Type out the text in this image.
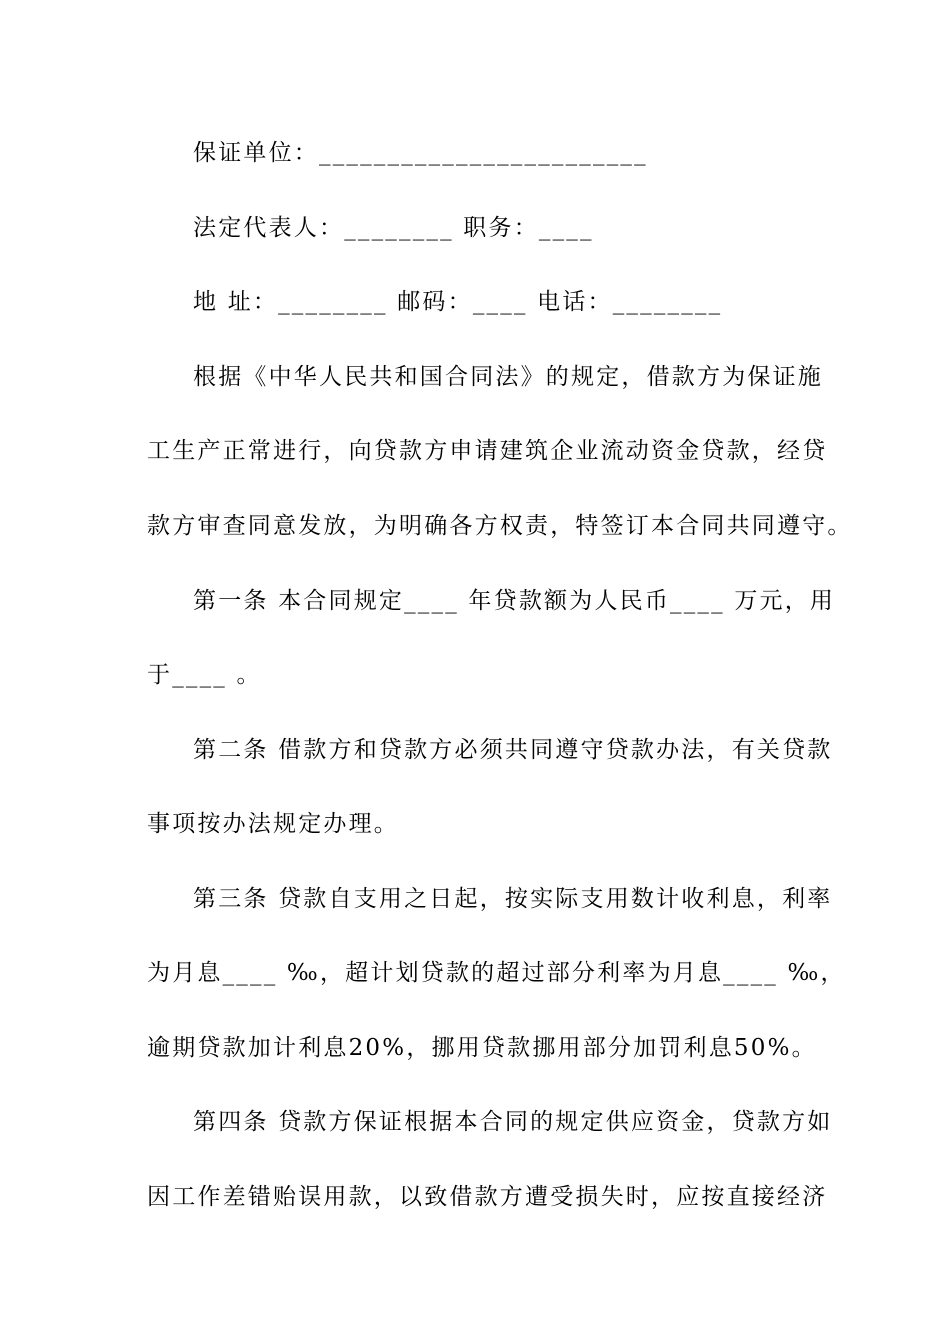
保证单位：________________________
法定代表人：________ 职务：____
地 址：________ 邮码：____ 电话：________
根据《中华人民共和国合同法》的规定，借款方为保证施
工生产正常进行，向贷款方申请建筑企业流动资金贷款，经贷
款方审查同意发放，为明确各方权责，特签订本合同共同遵守。
第一条 本合同规定____ 年贷款额为人民币____ 万元，用
于____ 。
第二条 借款方和贷款方必须共同遵守贷款办法，有关贷款
事项按办法规定办理。
第三条 贷款自支用之日起，按实际支用数计收利息，利率
为月息____ ‰，超计划贷款的超过部分利率为月息____ ‰，
逾期贷款加计利息20%，挪用贷款挪用部分加罚利息50%。
第四条 贷款方保证根据本合同的规定供应资金，贷款方如
因工作差错贻误用款，以致借款方遭受损失时，应按直接经济
